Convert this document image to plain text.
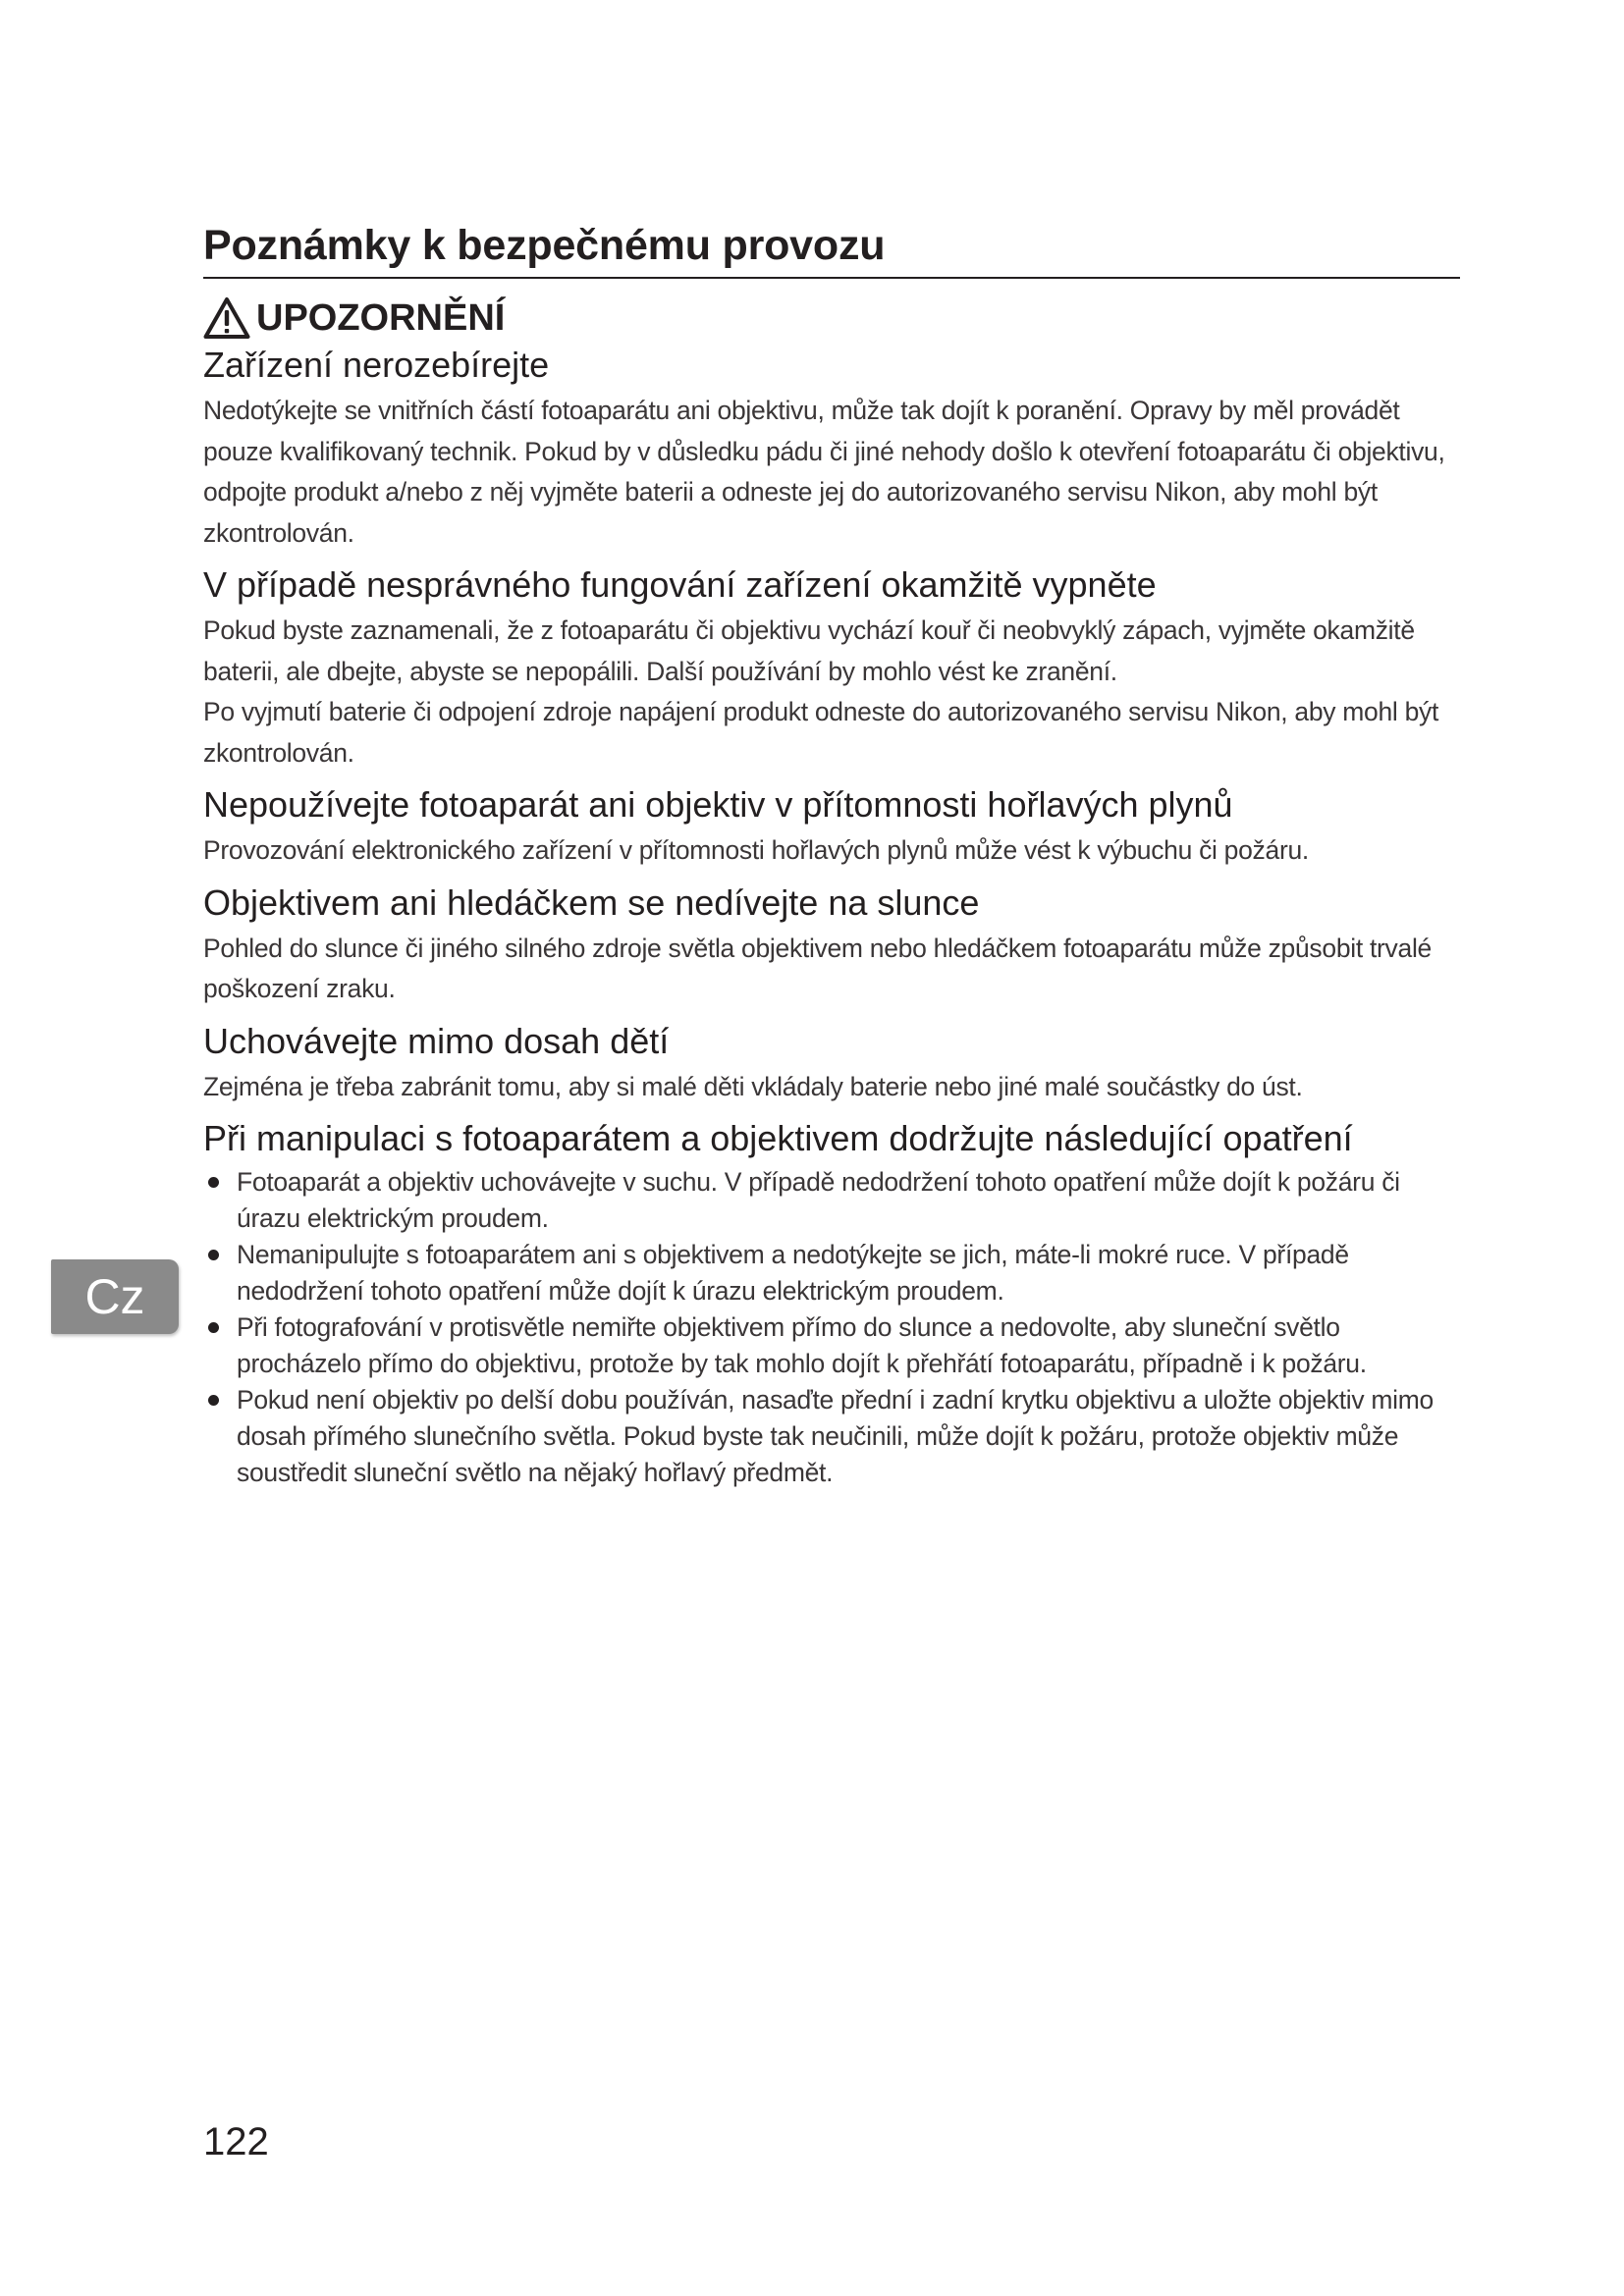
Poznámky k bezpečnému provozu
UPOZORNĚNÍ
Zařízení nerozebírejte

Nedotýkejte se vnitřních částí fotoaparátu ani objektivu, může tak dojít k poranění. Opravy by měl provádět pouze kvalifikovaný technik. Pokud by v důsledku pádu či jiné nehody došlo k otevření fotoaparátu či objektivu, odpojte produkt a/nebo z něj vyjměte baterii a odneste jej do autorizovaného servisu Nikon, aby mohl být zkontrolován.

V případě nesprávného fungování zařízení okamžitě vypněte

Pokud byste zaznamenali, že z fotoaparátu či objektivu vychází kouř či neobvyklý zápach, vyjměte okamžitě baterii, ale dbejte, abyste se nepopálili. Další používání by mohlo vést ke zranění.

Po vyjmutí baterie či odpojení zdroje napájení produkt odneste do autorizovaného servisu Nikon, aby mohl být zkontrolován.

Nepoužívejte fotoaparát ani objektiv v přítomnosti hořlavých plynů

Provozování elektronického zařízení v přítomnosti hořlavých plynů může vést k výbuchu či požáru.

Objektivem ani hledáčkem se nedívejte na slunce

Pohled do slunce či jiného silného zdroje světla objektivem nebo hledáčkem fotoaparátu může způsobit trvalé poškození zraku.

Uchovávejte mimo dosah dětí

Zejména je třeba zabránit tomu, aby si malé děti vkládaly baterie nebo jiné malé součástky do úst.

Při manipulaci s fotoaparátem a objektivem dodržujte následující opatření
Fotoaparát a objektiv uchovávejte v suchu. V případě nedodržení tohoto opatření může dojít k požáru či úrazu elektrickým proudem.
Nemanipulujte s fotoaparátem ani s objektivem a nedotýkejte se jich, máte-li mokré ruce. V případě nedodržení tohoto opatření může dojít k úrazu elektrickým proudem.
Při fotografování v protisvětle nemiřte objektivem přímo do slunce a nedovolte, aby sluneční světlo procházelo přímo do objektivu, protože by tak mohlo dojít k přehřátí fotoaparátu, případně i k požáru.
Pokud není objektiv po delší dobu používán, nasaďte přední i zadní krytku objektivu a uložte objektiv mimo dosah přímého slunečního světla. Pokud byste tak neučinili, může dojít k požáru, protože objektiv může soustředit sluneční světlo na nějaký hořlavý předmět.
Cz
122
